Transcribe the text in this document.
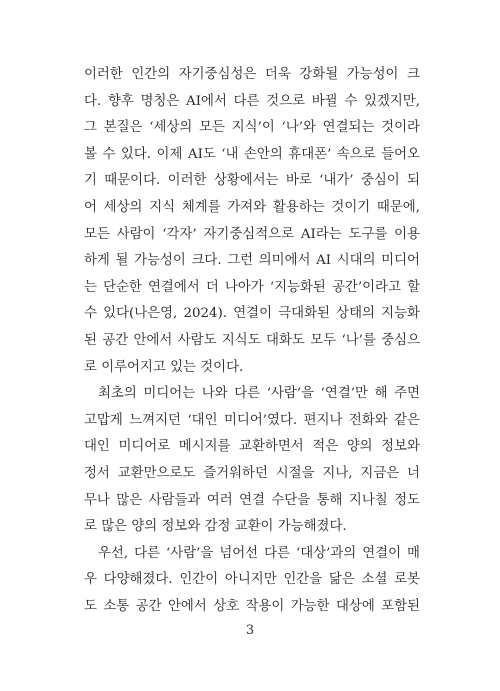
이러한 인간의 자기중심성은 더욱 강화될 가능성이 크
다. 향후 명칭은 AI에서 다른 것으로 바뀔 수 있겠지만,
그 본질은 ‘세상의 모든 지식’이 ‘나’와 연결되는 것이라
볼 수 있다. 이제 AI도 ‘내 손안의 휴대폰’ 속으로 들어오
기 때문이다. 이러한 상황에서는 바로 ‘내가’ 중심이 되
어 세상의 지식 체계를 가져와 활용하는 것이기 때문에,
모든 사람이 ‘각자’ 자기중심적으로 AI라는 도구를 이용
하게 될 가능성이 크다. 그런 의미에서 AI 시대의 미디어
는 단순한 연결에서 더 나아가 ‘지능화된 공간’이라고 할
수 있다(나은영, 2024). 연결이 극대화된 상태의 지능화
된 공간 안에서 사람도 지식도 대화도 모두 ‘나’를 중심으
로 이루어지고 있는 것이다.
최초의 미디어는 나와 다른 ‘사람’을 ‘연결’만 해 주면
고맙게 느껴지던 ‘대인 미디어’였다. 편지나 전화와 같은
대인 미디어로 메시지를 교환하면서 적은 양의 정보와
정서 교환만으로도 즐거워하던 시절을 지나, 지금은 너
무나 많은 사람들과 여러 연결 수단을 통해 지나칠 정도
로 많은 양의 정보와 감정 교환이 가능해졌다.
우선, 다른 ‘사람’을 넘어선 다른 ‘대상’과의 연결이 매
우 다양해졌다. 인간이 아니지만 인간을 닮은 소셜 로봇
도 소통 공간 안에서 상호 작용이 가능한 대상에 포함된
3
